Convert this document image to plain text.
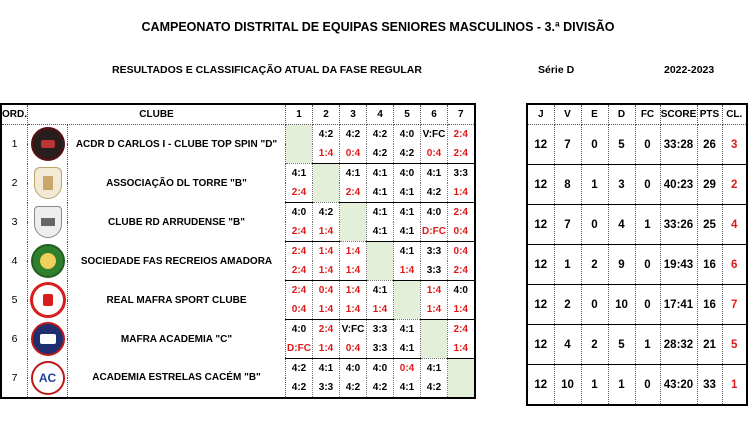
CAMPEONATO DISTRITAL DE EQUIPAS SENIORES MASCULINOS - 3.ª DIVISÃO
RESULTADOS E CLASSIFICAÇÃO ATUAL DA FASE REGULAR	Série D	2022-2023
ORD.	CLUBE		1	2	3	4	5	6	7
1		ACDR D CARLOS I - CLUBE TOP SPIN "D"		4:2	4:2	4:2	4:0	V:FC	2:4
				1:4	0:4	4:2	4:2	0:4	2:4
2		ASSOCIAÇÃO DL TORRE "B"	4:1		4:1	4:1	4:0	4:1	3:3
			2:4		2:4	4:1	4:1	4:2	1:4
3		CLUBE RD ARRUDENSE "B"	4:0	4:2		4:1	4:1	4:0	2:4
			2:4	1:4		4:1	4:1	D:FC	0:4
4		SOCIEDADE FAS RECREIOS AMADORA	2:4	1:4	1:4		4:1	3:3	0:4
			2:4	1:4	1:4		1:4	3:3	2:4
5		REAL MAFRA SPORT CLUBE	2:4	0:4	1:4	4:1		1:4	4:0
			0:4	1:4	1:4	1:4		1:4	1:4
6		MAFRA ACADEMIA "C"	4:0	2:4	V:FC	3:3	4:1		2:4
			D:FC	1:4	0:4	3:3	4:1		1:4
7	AC	ACADEMIA ESTRELAS CACÉM "B"	4:2	4:1	4:0	4:0	0:4	4:1	
			4:2	3:3	4:2	4:2	4:1	4:2	
J	V	E	D	FC	SCORE	PTS	CL.
12	7	0	5	0	33:28	26	3
12	8	1	3	0	40:23	29	2
12	7	0	4	1	33:26	25	4
12	1	2	9	0	19:43	16	6
12	2	0	10	0	17:41	16	7
12	4	2	5	1	28:32	21	5
12	10	1	1	0	43:20	33	1
